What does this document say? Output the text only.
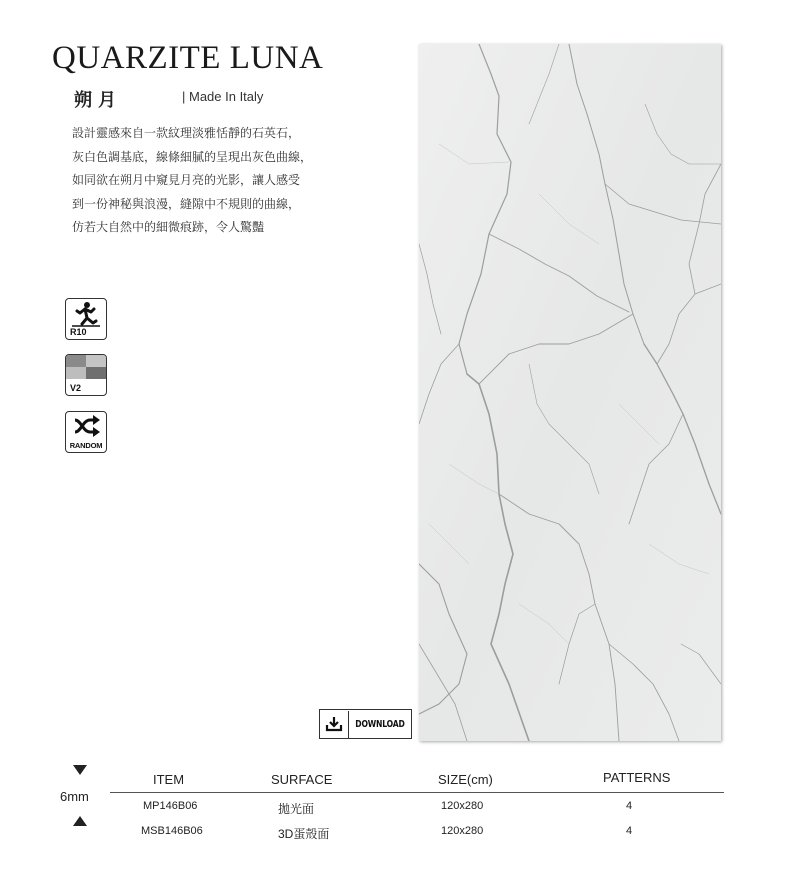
QUARZITE LUNA
朔月	| Made In Italy

設計靈感來自一款紋理淡雅恬靜的石英石，
灰白色調基底，線條細膩的呈現出灰色曲線，
如同欲在朔月中窺見月亮的光影，讓人感受
到一份神秘與浪漫，縫隙中不規則的曲線，
仿若大自然中的細微痕跡，令人驚豔

R10
V2
RANDOM
DOWNLOAD
6mm
ITEM	SURFACE	SIZE(cm)	PATTERNS
MP146B06	拋光面	120x280	4
MSB146B06	3D蛋殼面	120x280	4
